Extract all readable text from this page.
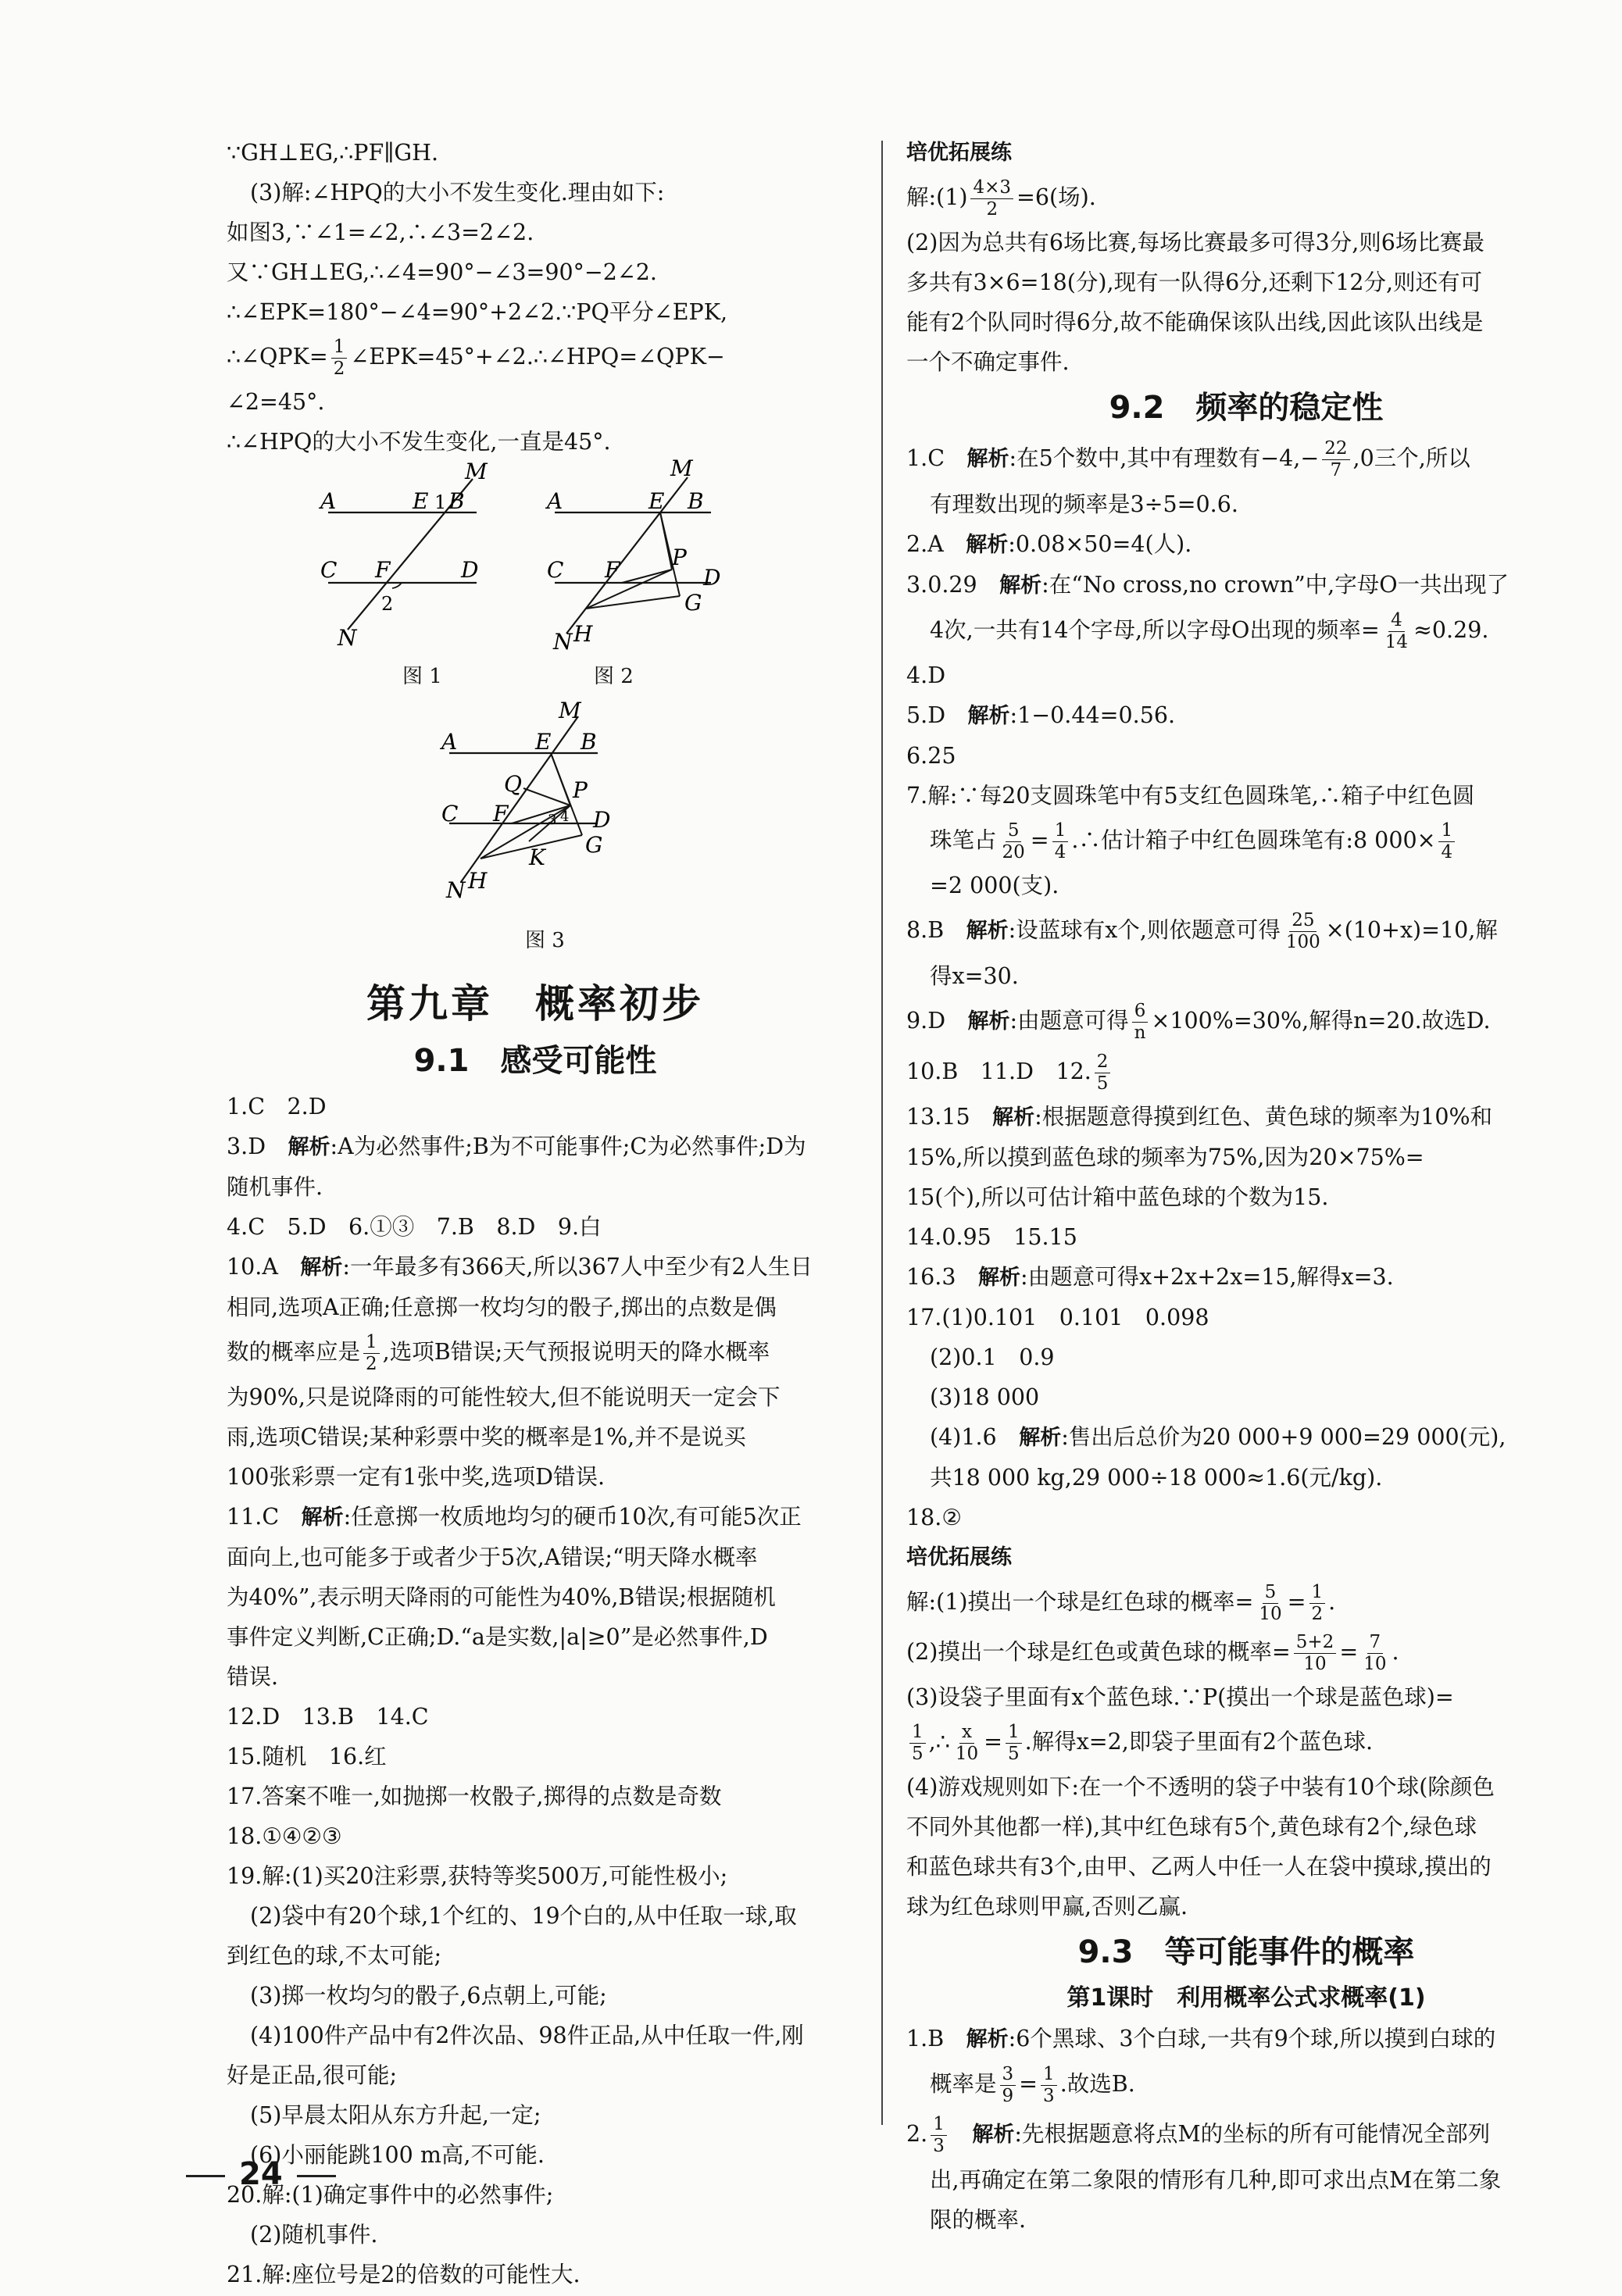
∵GH⊥EG,∴PF∥GH.
(3)解:∠HPQ的大小不发生变化.理由如下:
如图3,∵∠1=∠2,∴∠3=2∠2.
又∵GH⊥EG,∴∠4=90°−∠3=90°−2∠2.
∴∠EPK=180°−∠4=90°+2∠2.∵PQ平分∠EPK,
∴∠QPK= $\frac{1}{2}$ ∠EPK=45°+∠2.∴∠HPQ=∠QPK−
∠2=45°.
∴∠HPQ的大小不发生变化,一直是45°.
A	E 1 B
M
C F	D
2
N
图 1
A	E B
M
C F P
D
G
N H
图 2
A	E B
M
Q P
C F	3 4 D
G
K
N H
图 3
第九章　概率初步
9.1　感受可能性
1.C　2.D
3.D　解析:A为必然事件;B为不可能事件;C为必然事件;D为
随机事件.
4.C　5.D　6.①③　7.B　8.D　9.白
10.A　解析:一年最多有366天,所以367人中至少有2人生日
相同,选项A正确;任意掷一枚均匀的骰子,掷出的点数是偶
数的概率应是 $\frac{1}{2}$ ,选项B错误;天气预报说明天的降水概率
为90%,只是说降雨的可能性较大,但不能说明天一定会下
雨,选项C错误;某种彩票中奖的概率是1%,并不是说买
100张彩票一定有1张中奖,选项D错误.
11.C　解析:任意掷一枚质地均匀的硬币10次,有可能5次正
面向上,也可能多于或者少于5次,A错误;“明天降水概率
为40%”,表示明天降雨的可能性为40%,B错误;根据随机
事件定义判断,C正确;D.“a是实数,|a|≥0”是必然事件,D
错误.
12.D　13.B　14.C
15.随机　16.红
17.答案不唯一,如抛掷一枚骰子,掷得的点数是奇数
18.①④②③
19.解:(1)买20注彩票,获特等奖500万,可能性极小;
(2)袋中有20个球,1个红的、19个白的,从中任取一球,取
到红色的球,不太可能;
(3)掷一枚均匀的骰子,6点朝上,可能;
(4)100件产品中有2件次品、98件正品,从中任取一件,刚
好是正品,很可能;
(5)早晨太阳从东方升起,一定;
(6)小丽能跳100 m高,不可能.
20.解:(1)确定事件中的必然事件;
(2)随机事件.
21.解:座位号是2的倍数的可能性大.
培优拓展练
解:(1) $\frac{4\times 3}{2} =6$(场).
(2)因为总共有6场比赛,每场比赛最多可得3分,则6场比赛最
多共有3×6=18(分),现有一队得6分,还剩下12分,则还有可
能有2个队同时得6分,故不能确保该队出线,因此该队出线是
一个不确定事件.
9.2　频率的稳定性
1.C　解析:在5个数中,其中有理数有$-4,- \frac{22}{7} ,0$三个,所以
有理数出现的频率是3÷5=0.6.
2.A　解析:0.08×50=4(人).
3.0.29　解析:在“No cross,no crown”中,字母O一共出现了
4次,一共有14个字母,所以字母O出现的频率= $\frac{4}{14} \approx 0.29$.
4.D
5.D　解析:1−0.44=0.56.
6.25
7.解:∵每20支圆珠笔中有5支红色圆珠笔,∴箱子中红色圆
珠笔占 $\frac{5}{20} = \frac{1}{4}$ .∴估计箱子中红色圆珠笔有:8 $000\times \frac{1}{4}$
=2 000(支).
8.B　解析:设蓝球有x个,则依题意可得 $\frac{25}{100} \times(10+x)=10$,解
得x=30.
9.D　解析:由题意可得 $\frac{6}{n} \times 100\%=30\%$,解得n=20.故选D.
10.B　11.D　12. $\frac{2}{5}$
13.15　解析:根据题意得摸到红色、黄色球的频率为10%和
15%,所以摸到蓝色球的频率为75%,因为20×75%=
15(个),所以可估计箱中蓝色球的个数为15.
14.0.95　15.15
16.3　解析:由题意可得x+2x+2x=15,解得x=3.
17.(1)0.101　0.101　0.098
(2)0.1　0.9
(3)18 000
(4)1.6　解析:售出后总价为20 000+9 000=29 000(元),
共18 000 kg,29 000÷18 000≈1.6(元/kg).
18.②
培优拓展练
解:(1)摸出一个球是红色球的概率= $\frac{5}{10} = \frac{1}{2}$ .
(2)摸出一个球是红色或黄色球的概率= $\frac{5+2}{10} = \frac{7}{10}$ .
(3)设袋子里面有x个蓝色球.∵P(摸出一个球是蓝色球)=
$\frac{1}{5}$ ,∴ $\frac{x}{10} = \frac{1}{5}$ .解得x=2,即袋子里面有2个蓝色球.
(4)游戏规则如下:在一个不透明的袋子中装有10个球(除颜色
不同外其他都一样),其中红色球有5个,黄色球有2个,绿色球
和蓝色球共有3个,由甲、乙两人中任一人在袋中摸球,摸出的
球为红色球则甲赢,否则乙赢.
9.3　等可能事件的概率
第1课时　利用概率公式求概率(1)
1.B　解析:6个黑球、3个白球,一共有9个球,所以摸到白球的
概率是 $\frac{3}{9} = \frac{1}{3}$ .故选B.
2. $\frac{1}{3}$
　 解析:先根据题意将点M的坐标的所有可能情况全部列
出,再确定在第二象限的情形有几种,即可求出点M在第二象
限的概率.
24
